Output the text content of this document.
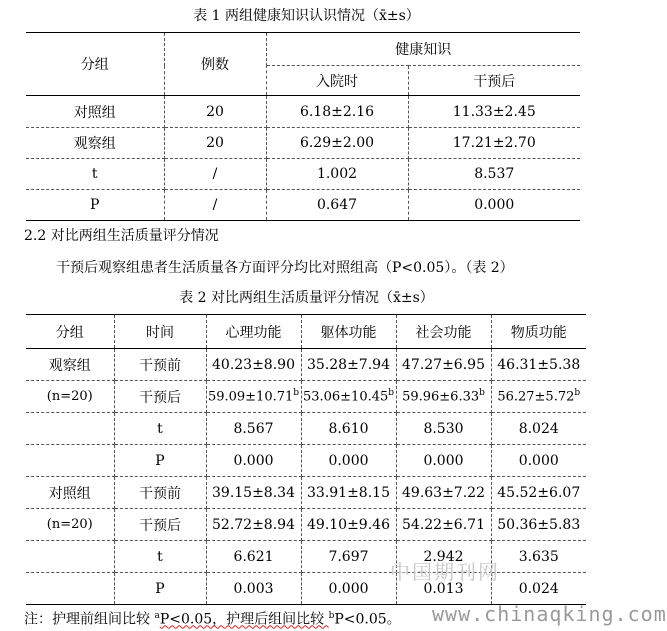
表 1 两组健康知识认识情况（x̄±s）
分组	例数	健康知识	
		入院时	干预后
对照组	20	6.18±2.16	11.33±2.45
观察组	20	6.29±2.00	17.21±2.70
t	/	1.002	8.537
P	/	0.647	0.000
2.2 对比两组生活质量评分情况
干预后观察组患者生活质量各方面评分均比对照组高（P<0.05）。（表 2）
表 2 对比两组生活质量评分情况（x̄±s）
分组	时间	心理功能	躯体功能	社会功能	物质功能
观察组	干预前	40.23±8.90	35.28±7.94	47.27±6.95	46.31±5.38
(n=20)	干预后	59.09±10.71$^b$	53.06±10.45$^b$	59.96±6.33$^b$	56.27±5.72$^b$
	t	8.567	8.610	8.530	8.024
	P	0.000	0.000	0.000	0.000
对照组	干预前	39.15±8.34	33.91±8.15	49.63±7.22	45.52±6.07
(n=20)	干预后	52.72±8.94	49.10±9.46	54.22±6.71	50.36±5.83
	t	6.621	7.697	2.942	3.635
	P	0.003	0.000	0.013	0.024
中国期刊网
注：护理前组间比较 $^a$P<0.05，护理后组间比较 $^b$P<0.05。 www.chinaqking.com
